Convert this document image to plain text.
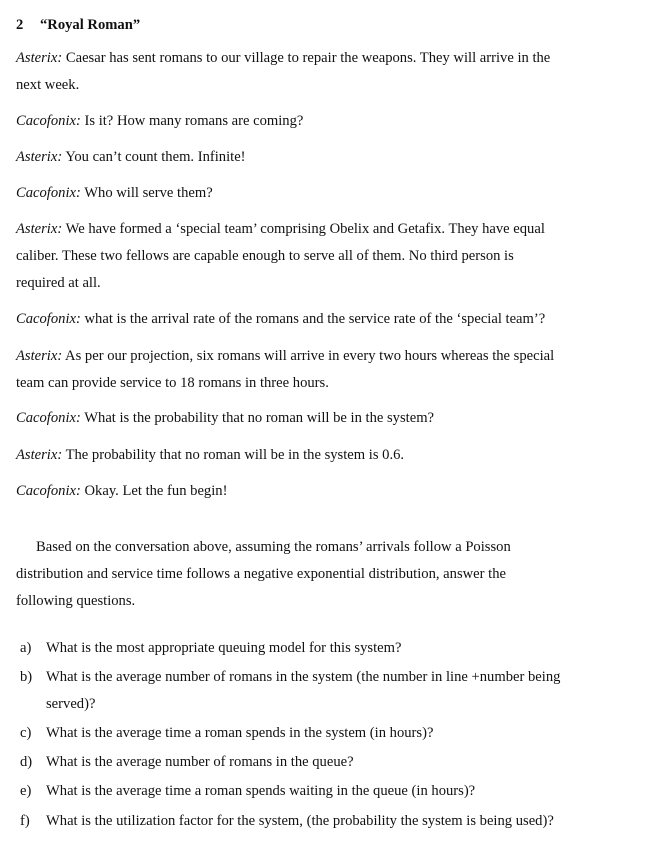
2 “Royal Roman”
Asterix: Caesar has sent romans to our village to repair the weapons. They will arrive in the
next week.
Cacofonix: Is it? How many romans are coming?
Asterix: You can’t count them. Infinite!
Cacofonix: Who will serve them?
Asterix: We have formed a ‘special team’ comprising Obelix and Getafix. They have equal
caliber. These two fellows are capable enough to serve all of them. No third person is
required at all.
Cacofonix: what is the arrival rate of the romans and the service rate of the ‘special team’?
Asterix: As per our projection, six romans will arrive in every two hours whereas the special
team can provide service to 18 romans in three hours.
Cacofonix: What is the probability that no roman will be in the system?
Asterix: The probability that no roman will be in the system is 0.6.
Cacofonix: Okay. Let the fun begin!
Based on the conversation above, assuming the romans’ arrivals follow a Poisson
distribution and service time follows a negative exponential distribution, answer the
following questions.
a) What is the most appropriate queuing model for this system?
b) What is the average number of romans in the system (the number in line +number being
served)?
c) What is the average time a roman spends in the system (in hours)?
d) What is the average number of romans in the queue?
e) What is the average time a roman spends waiting in the queue (in hours)?
f) What is the utilization factor for the system, (the probability the system is being used)?
